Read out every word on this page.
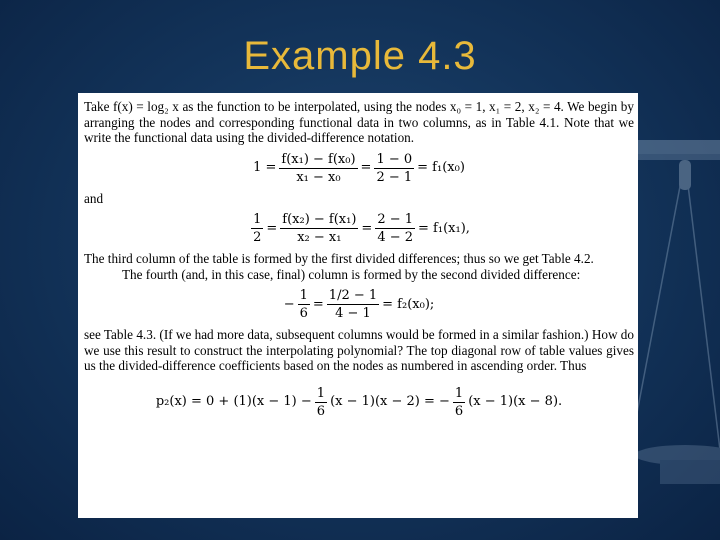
Example 4.3

Take f(x) = log₂ x as the function to be interpolated, using the nodes x₀ = 1, x₁ = 2, x₂ = 4. We begin by arranging the nodes and corresponding functional data in two columns, as in Table 4.1. Note that we write the functional data using the divided-difference notation.

$1 = \frac{\text{f(x₁) − f(x₀)}}{\text{x₁ − x₀}} = \frac{1 - 0}{2 - 1} = f_1(x_0)$

and

$\frac{1}{2} = \frac{\text{f(x₂) − f(x₁)}}{\text{x₂ − x₁}} = \frac{2 - 1}{4 - 2} = f_1(x_1)$,

The third column of the table is formed by the first divided differences; thus so we get Table 4.2.

The fourth (and, in this case, final) column is formed by the second divided difference:

− $\frac{1}{6} = \frac{1/2 - 1}{4 - 1} = f_2(x_0)$;

see Table 4.3. (If we had more data, subsequent columns would be formed in a similar fashion.) How do we use this result to construct the interpolating polynomial? The top diagonal row of table values gives us the divided-difference coefficients based on the nodes as numbered in ascending order. Thus

$p_2(x) = 0 + (1)(x - 1) - \frac{1}{6} (x - 1)(x - 2)$ = − $\frac{1}{6} (x - 1)(x - 8)$.
